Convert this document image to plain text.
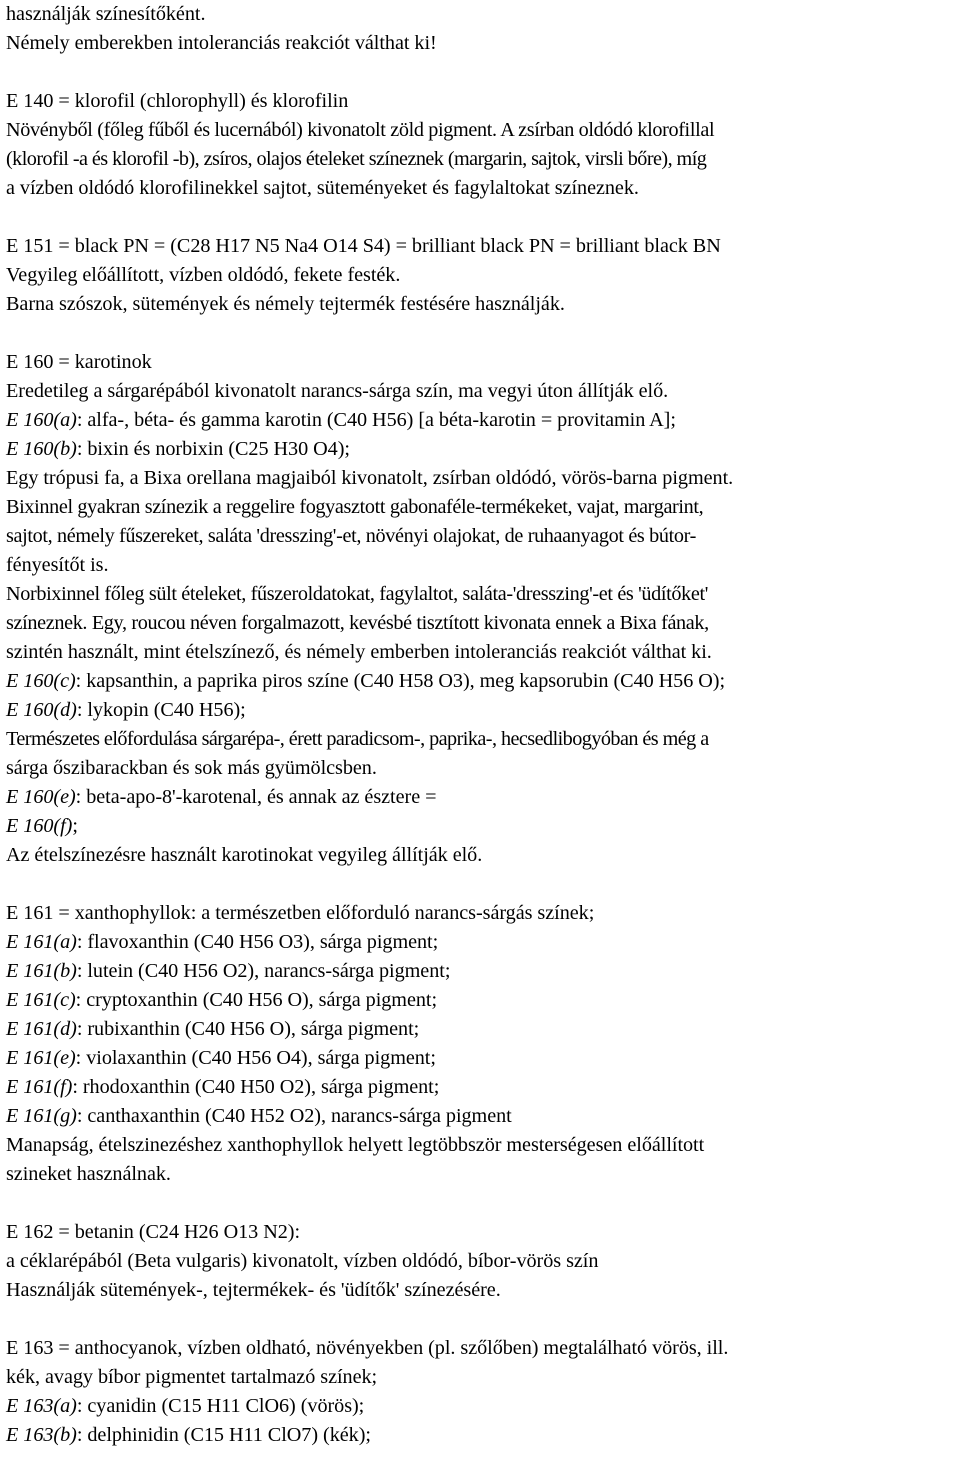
használják színesítőként.
Némely emberekben intoleranciás reakciót válthat ki!
E 140 = klorofil (chlorophyll) és klorofilin
Növényből (főleg fűből és lucernából) kivonatolt zöld pigment. A zsírban oldódó klorofillal
(klorofil -a és klorofil -b), zsíros, olajos ételeket színeznek (margarin, sajtok, virsli bőre), míg
a vízben oldódó klorofilinekkel sajtot, süteményeket és fagylaltokat színeznek.
E 151 = black PN = (C28 H17 N5 Na4 O14 S4) = brilliant black PN = brilliant black BN
Vegyileg előállított, vízben oldódó, fekete festék.
Barna szószok, sütemények és némely tejtermék festésére használják.
E 160 = karotinok
Eredetileg a sárgarépából kivonatolt narancs-sárga szín, ma vegyi úton állítják elő.
E 160(a): alfa-, béta- és gamma karotin (C40 H56) [a béta-karotin = provitamin A];
E 160(b): bixin és norbixin (C25 H30 O4);
Egy trópusi fa, a Bixa orellana magjaiból kivonatolt, zsírban oldódó, vörös-barna pigment.
Bixinnel gyakran színezik a reggelire fogyasztott gabonaféle-termékeket, vajat, margarint,
sajtot, némely fűszereket, saláta 'dresszing'-et, növényi olajokat, de ruhaanyagot és bútor-
fényesítőt is.
Norbixinnel főleg sült ételeket, fűszeroldatokat, fagylaltot, saláta-'dresszing'-et és 'üdítőket'
színeznek. Egy, roucou néven forgalmazott, kevésbé tisztított kivonata ennek a Bixa fának,
szintén használt, mint ételszínező, és némely emberben intoleranciás reakciót válthat ki.
E 160(c): kapsanthin, a paprika piros színe (C40 H58 O3), meg kapsorubin (C40 H56 O);
E 160(d): lykopin (C40 H56);
Természetes előfordulása sárgarépa-, érett paradicsom-, paprika-, hecsedlibogyóban és még a
sárga őszibarackban és sok más gyümölcsben.
E 160(e): beta-apo-8'-karotenal, és annak az észtere =
E 160(f);
Az ételszínezésre használt karotinokat vegyileg állítják elő.
E 161 = xanthophyllok: a természetben előforduló narancs-sárgás színek;
E 161(a): flavoxanthin (C40 H56 O3), sárga pigment;
E 161(b): lutein (C40 H56 O2), narancs-sárga pigment;
E 161(c): cryptoxanthin (C40 H56 O), sárga pigment;
E 161(d): rubixanthin (C40 H56 O), sárga pigment;
E 161(e): violaxanthin (C40 H56 O4), sárga pigment;
E 161(f): rhodoxanthin (C40 H50 O2), sárga pigment;
E 161(g): canthaxanthin (C40 H52 O2), narancs-sárga pigment
Manapság, ételszinezéshez xanthophyllok helyett legtöbbször mesterségesen előállított
szineket használnak.
E 162 = betanin (C24 H26 O13 N2):
a céklarépából (Beta vulgaris) kivonatolt, vízben oldódó, bíbor-vörös szín
Használják sütemények-, tejtermékek- és 'üdítők' színezésére.
E 163 = anthocyanok, vízben oldható, növényekben (pl. szőlőben) megtalálható vörös, ill.
kék, avagy bíbor pigmentet tartalmazó színek;
E 163(a): cyanidin (C15 H11 ClO6) (vörös);
E 163(b): delphinidin (C15 H11 ClO7) (kék);
